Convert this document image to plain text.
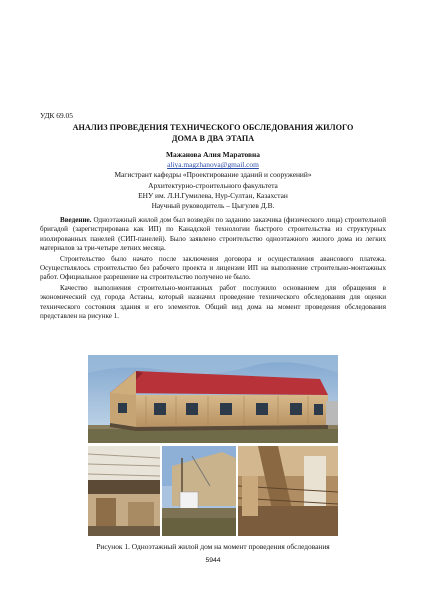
УДК 69.05
АНАЛИЗ ПРОВЕДЕНИЯ ТЕХНИЧЕСКОГО ОБСЛЕДОВАНИЯ ЖИЛОГО
ДОМА В ДВА ЭТАПА
Мажанова Алия Маратовна
aliya.magzhanova@gmail.com
Магистрант кафедры «Проектирование зданий и сооружений»
Архитектурно-строительного факультета
ЕНУ им. Л.Н.Гумилева, Нур-Султан, Казахстан
Научный руководитель – Цыгулев Д.В.

Введение. Одноэтажный жилой дом был возведён по заданию заказчика (физического лица) строительной бригадой (зарегистрирована как ИП) по Канадской технологии быстрого строительства из структурных изолированных панелей (СИП-панелей). Было заявлено строительство одноэтажного жилого дома из легких материалов за три-четыре летних месяца.

Строительство было начато после заключения договора и осуществления авансового платежа. Осуществлялось строительство без рабочего проекта и лицензии ИП на выполнение строительно-монтажных работ. Официальное разрешение на строительство получено не было.

Качество выполнения строительно-монтажных работ послужило основанием для обращения в экономический суд города Астаны, который назначил проведение технического обследования для оценки технического состояния здания и его элементов. Общий вид дома на момент проведения обследования представлен на рисунке 1.

Рисунок 1. Одноэтажный жилой дом на момент проведения обследования
5944
